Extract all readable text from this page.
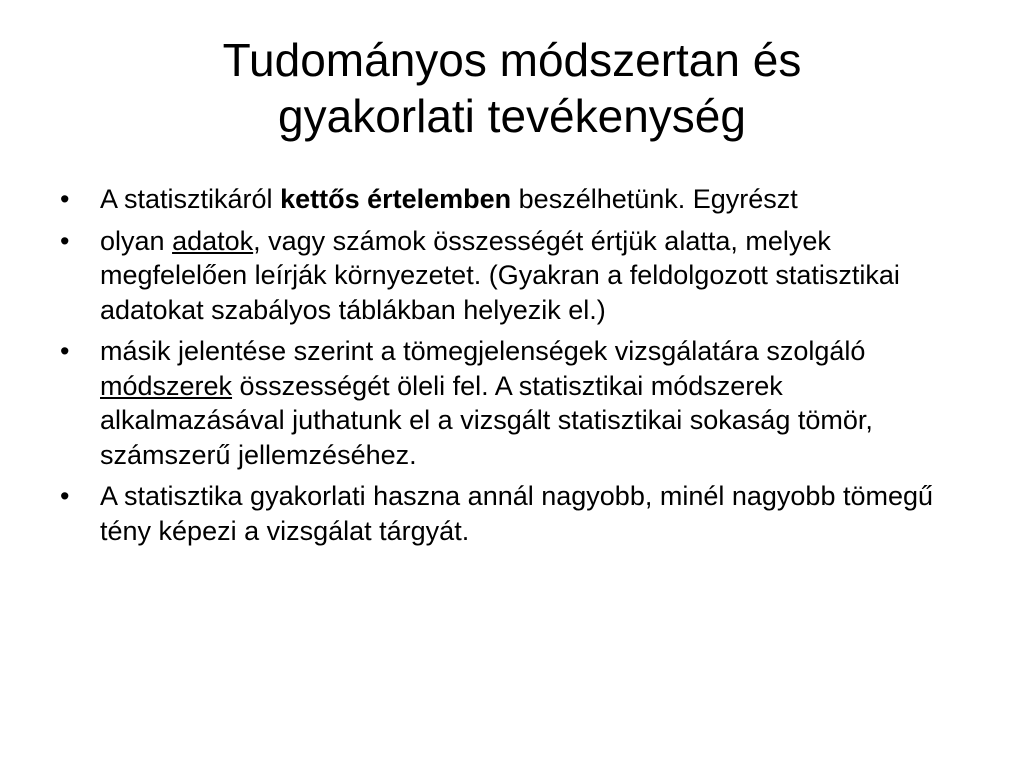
Tudományos módszertan és
gyakorlati tevékenység
• A statisztikáról kettős értelemben beszélhetünk. Egyrészt
• olyan adatok, vagy számok összességét értjük alatta, melyek megfelelően leírják környezetet. (Gyakran a feldolgozott statisztikai adatokat szabályos táblákban helyezik el.)
• másik jelentése szerint a tömegjelenségek vizsgálatára szolgáló módszerek összességét öleli fel. A statisztikai módszerek alkalmazásával juthatunk el a vizsgált statisztikai sokaság tömör, számszerű jellemzéséhez.
• A statisztika gyakorlati haszna annál nagyobb, minél nagyobb tömegű tény képezi a vizsgálat tárgyát.
